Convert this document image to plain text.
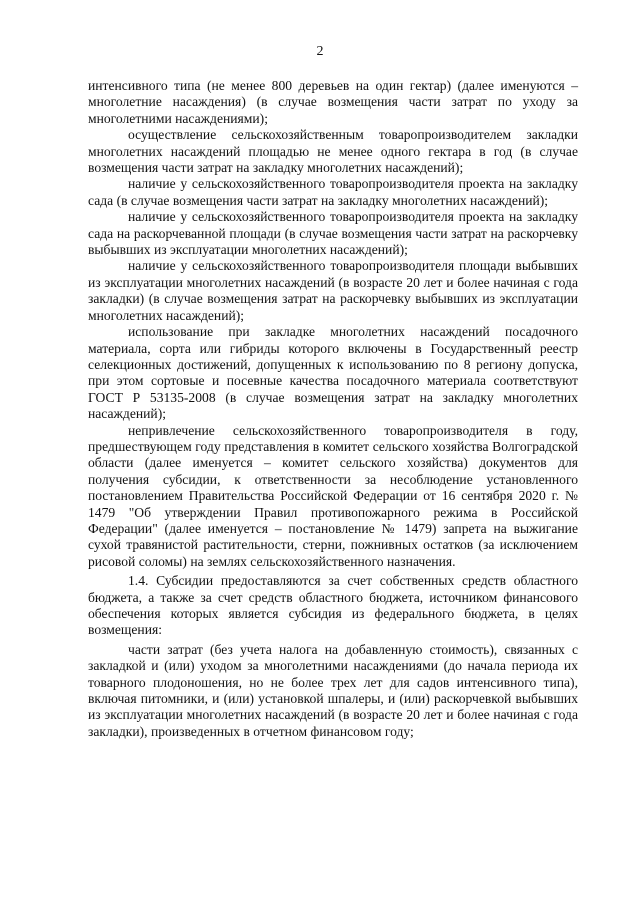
2

интенсивного типа (не менее 800 деревьев на один гектар) (далее именуются – многолетние насаждения) (в случае возмещения части затрат по уходу за многолетними насаждениями);

осуществление сельскохозяйственным товаропроизводителем закладки многолетних насаждений площадью не менее одного гектара в год (в случае возмещения части затрат на закладку многолетних насаждений);

наличие у сельскохозяйственного товаропроизводителя проекта на закладку сада (в случае возмещения части затрат на закладку многолетних насаждений);

наличие у сельскохозяйственного товаропроизводителя проекта на закладку сада на раскорчеванной площади (в случае возмещения части затрат на раскорчевку выбывших из эксплуатации многолетних насаждений);

наличие у сельскохозяйственного товаропроизводителя площади выбывших из эксплуатации многолетних насаждений (в возрасте 20 лет и более начиная с года закладки) (в случае возмещения затрат на раскорчевку выбывших из эксплуатации многолетних насаждений);

использование при закладке многолетних насаждений посадочного материала, сорта или гибриды которого включены в Государственный реестр селекционных достижений, допущенных к использованию по 8 региону допуска, при этом сортовые и посевные качества посадочного материала соответствуют ГОСТ Р 53135-2008 (в случае возмещения затрат на закладку многолетних насаждений);

непривлечение сельскохозяйственного товаропроизводителя в году, предшествующем году представления в комитет сельского хозяйства Волгоградской области (далее именуется – комитет сельского хозяйства) документов для получения субсидии, к ответственности за несоблюдение установленного постановлением Правительства Российской Федерации от 16 сентября 2020 г. № 1479 "Об утверждении Правил противопожарного режима в Российской Федерации" (далее именуется – постановление № 1479) запрета на выжигание сухой травянистой растительности, стерни, пожнивных остатков (за исключением рисовой соломы) на землях сельскохозяйственного назначения.

1.4. Субсидии предоставляются за счет собственных средств областного бюджета, а также за счет средств областного бюджета, источником финансового обеспечения которых является субсидия из федерального бюджета, в целях возмещения:

части затрат (без учета налога на добавленную стоимость), связанных с закладкой и (или) уходом за многолетними насаждениями (до начала периода их товарного плодоношения, но не более трех лет для садов интенсивного типа), включая питомники, и (или) установкой шпалеры, и (или) раскорчевкой выбывших из эксплуатации многолетних насаждений (в возрасте 20 лет и более начиная с года закладки), произведенных в отчетном финансовом году;
